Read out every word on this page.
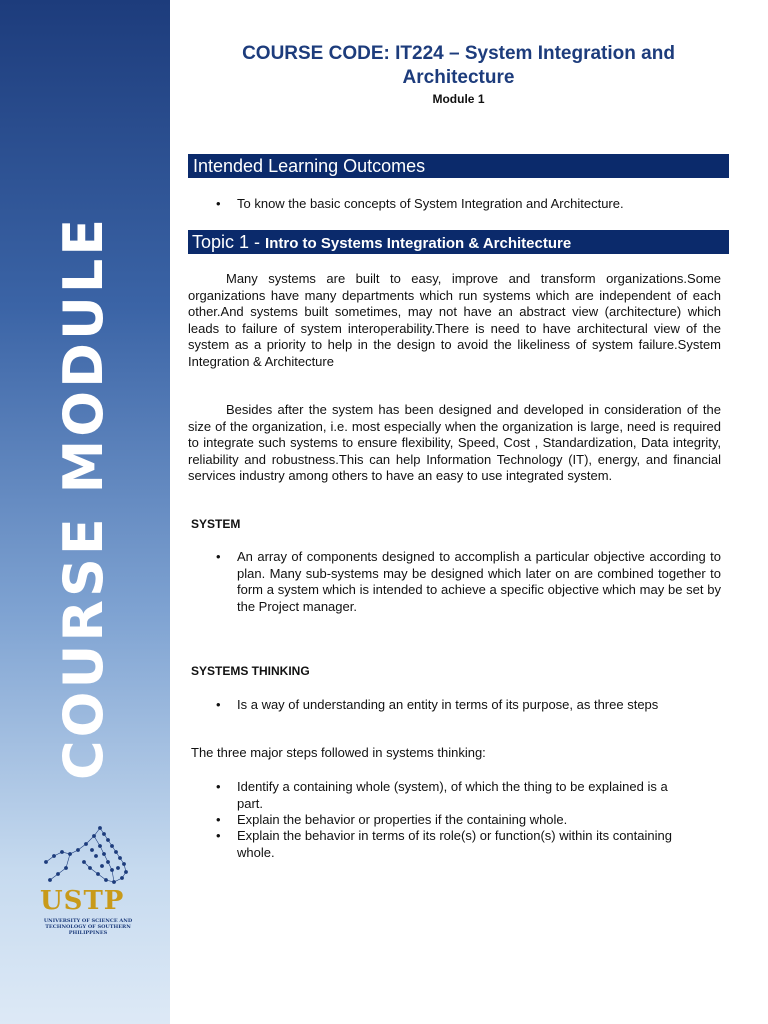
COURSE MODULE
USTP
UNIVERSITY OF SCIENCE AND TECHNOLOGY OF SOUTHERN PHILIPPINES
COURSE CODE: IT224 – System Integration and
Architecture
Module 1
Intended Learning Outcomes
• To know the basic concepts of System Integration and Architecture.
Topic 1 - Intro to Systems Integration & Architecture
Many systems are built to easy, improve and transform organizations.Some organizations have many departments which run systems which are independent of each other.And systems built sometimes, may not have an abstract view (architecture) which leads to failure of system interoperability.There is need to have architectural view of the system as a priority to help in the design to avoid the likeliness of system failure.System Integration & Architecture
Besides after the system has been designed and developed in consideration of the size of the organization, i.e. most especially when the organization is large, need is required to integrate such systems to ensure flexibility, Speed, Cost , Standardization, Data integrity, reliability and robustness.This can help Information Technology (IT), energy, and financial services industry among others to have an easy to use integrated system.
SYSTEM
• An array of components designed to accomplish a particular objective according to plan. Many sub-systems may be designed which later on are combined together to form a system which is intended to achieve a specific objective which may be set by the Project manager.
SYSTEMS THINKING
• Is a way of understanding an entity in terms of its purpose, as three steps
The three major steps followed in systems thinking:
• Identify a containing whole (system), of which the thing to be explained is a part.
• Explain the behavior or properties if the containing whole.
• Explain the behavior in terms of its role(s) or function(s) within its containing whole.
